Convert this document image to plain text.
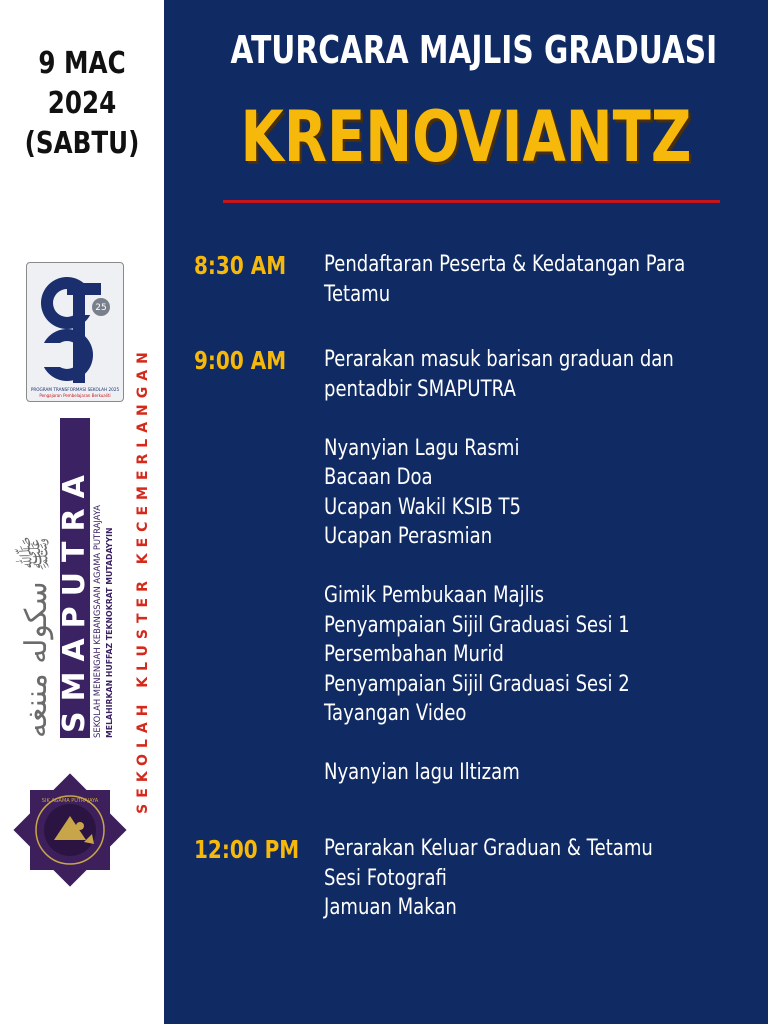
9 MAC
2024
(SABTU)
25
PROGRAM TRANSFORMASI SEKOLAH 2025
Pengajaran Pembelajaran Berkualiti
ﷺ ﺳﻜﻮﻟﻪ ﻣﻨﻨﻐﻪ SMAPUTRA SEKOLAH MENENGAH KEBANGSAAN AGAMA PUTRAJAYA MELAHIRKAN HUFFAZ TEKNOKRAT MUTADAYYIN
SIK AGAMA PUTRAJAYA	SEKOLAH KLUSTER KECEMERLANGAN
ATURCARA MAJLIS GRADUASI
KRENOVIANTZ
8:30 AM	Pendaftaran Peserta & Kedatangan Para
Tetamu
9:00 AM	Perarakan masuk barisan graduan dan
pentadbir SMAPUTRA
Nyanyian Lagu Rasmi
Bacaan Doa
Ucapan Wakil KSIB T5
Ucapan Perasmian
Gimik Pembukaan Majlis
Penyampaian Sijil Graduasi Sesi 1
Persembahan Murid
Penyampaian Sijil Graduasi Sesi 2
Tayangan Video
Nyanyian lagu Iltizam
12:00 PM	Perarakan Keluar Graduan & Tetamu
Sesi Fotografi
Jamuan Makan
